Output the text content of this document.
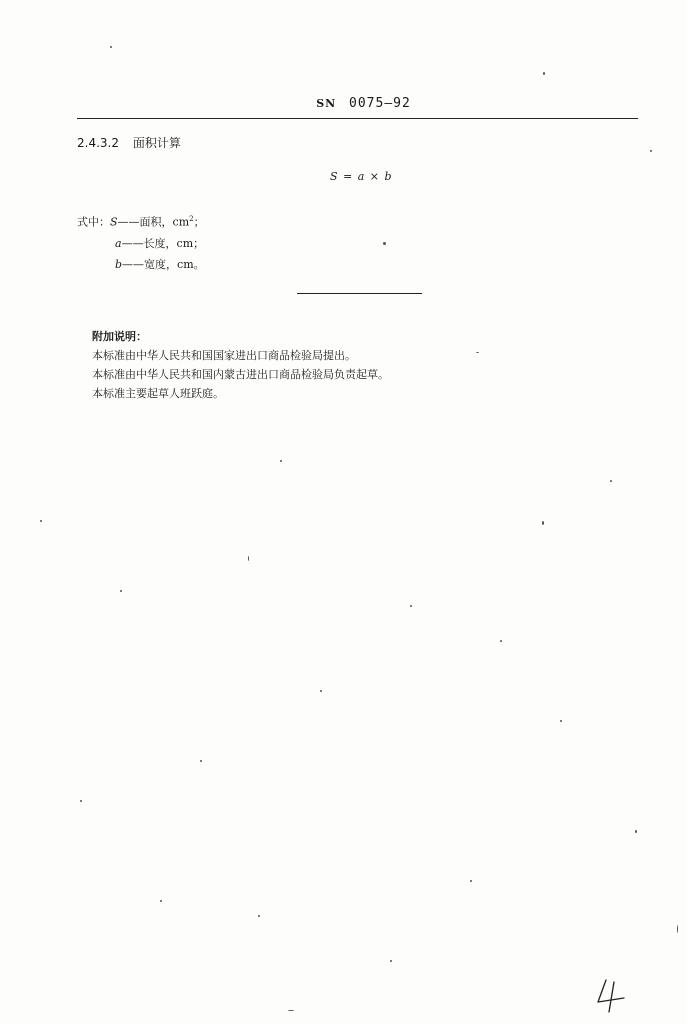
SN 0075—92
2.4.3.2 面积计算
S = a × b
式中：S——面积，$cm^2$；
a——长度，cm；
b——宽度，cm。
附加说明：
本标准由中华人民共和国国家进出口商品检验局提出。
本标准由中华人民共和国内蒙古进出口商品检验局负责起草。
本标准主要起草人班跃庭。
